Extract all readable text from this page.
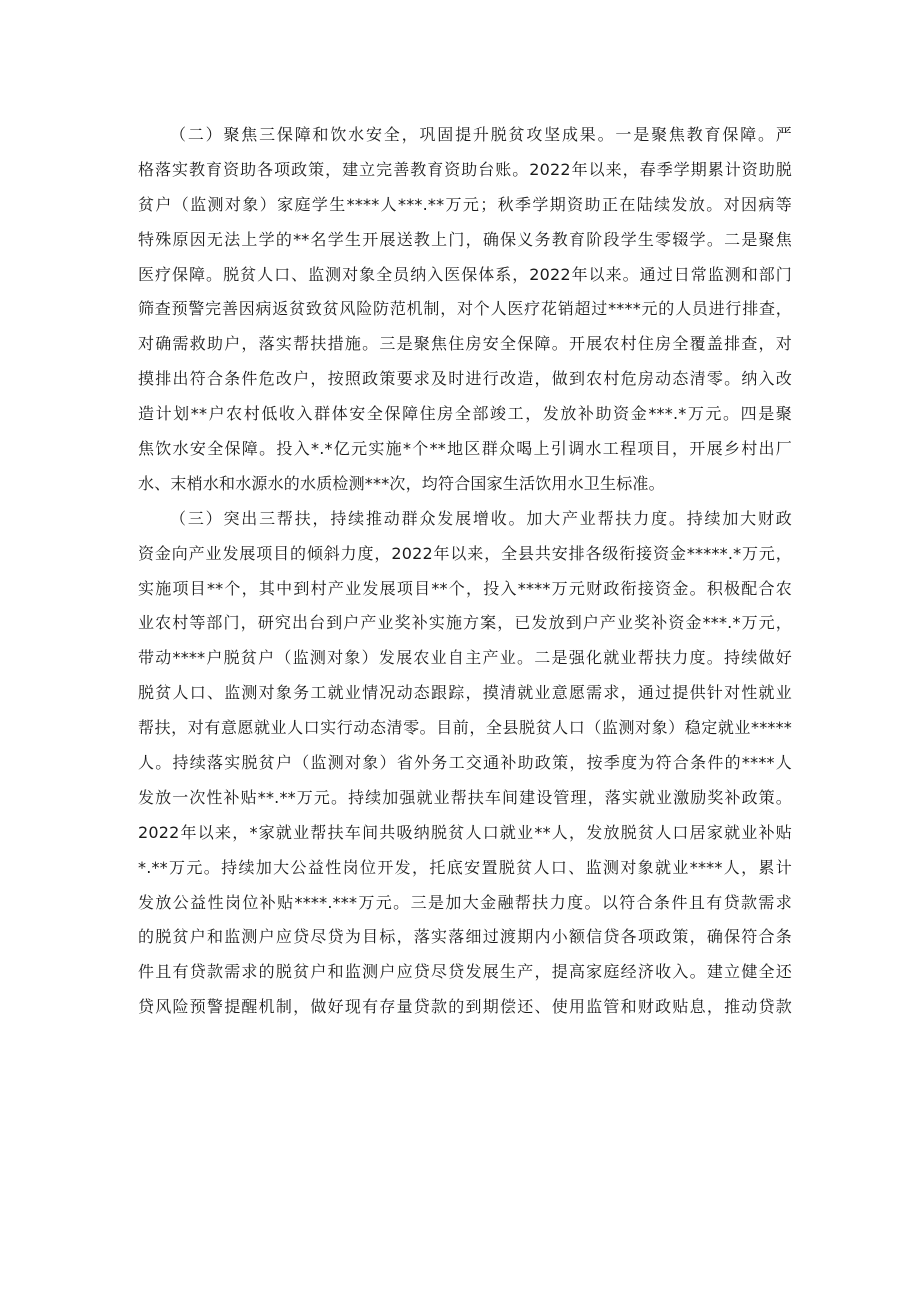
（二）聚焦三保障和饮水安全，巩固提升脱贫攻坚成果。一是聚焦教育保障。严
格落实教育资助各项政策，建立完善教育资助台账。2022年以来，春季学期累计资助脱
贫户（监测对象）家庭学生****人***.**万元；秋季学期资助正在陆续发放。对因病等
特殊原因无法上学的**名学生开展送教上门，确保义务教育阶段学生零辍学。二是聚焦
医疗保障。脱贫人口、监测对象全员纳入医保体系，2022年以来。通过日常监测和部门
筛查预警完善因病返贫致贫风险防范机制，对个人医疗花销超过****元的人员进行排查，
对确需救助户，落实帮扶措施。三是聚焦住房安全保障。开展农村住房全覆盖排查，对
摸排出符合条件危改户，按照政策要求及时进行改造，做到农村危房动态清零。纳入改
造计划**户农村低收入群体安全保障住房全部竣工，发放补助资金***.*万元。四是聚
焦饮水安全保障。投入*.*亿元实施*个**地区群众喝上引调水工程项目，开展乡村出厂
水、末梢水和水源水的水质检测***次，均符合国家生活饮用水卫生标准。
（三）突出三帮扶，持续推动群众发展增收。加大产业帮扶力度。持续加大财政
资金向产业发展项目的倾斜力度，2022年以来，全县共安排各级衔接资金*****.*万元，
实施项目**个，其中到村产业发展项目**个，投入****万元财政衔接资金。积极配合农
业农村等部门，研究出台到户产业奖补实施方案，已发放到户产业奖补资金***.*万元，
带动****户脱贫户（监测对象）发展农业自主产业。二是强化就业帮扶力度。持续做好
脱贫人口、监测对象务工就业情况动态跟踪，摸清就业意愿需求，通过提供针对性就业
帮扶，对有意愿就业人口实行动态清零。目前，全县脱贫人口（监测对象）稳定就业*****
人。持续落实脱贫户（监测对象）省外务工交通补助政策，按季度为符合条件的****人
发放一次性补贴**.**万元。持续加强就业帮扶车间建设管理，落实就业激励奖补政策。
2022年以来，*家就业帮扶车间共吸纳脱贫人口就业**人，发放脱贫人口居家就业补贴
*.**万元。持续加大公益性岗位开发，托底安置脱贫人口、监测对象就业****人，累计
发放公益性岗位补贴****.***万元。三是加大金融帮扶力度。以符合条件且有贷款需求
的脱贫户和监测户应贷尽贷为目标，落实落细过渡期内小额信贷各项政策，确保符合条
件且有贷款需求的脱贫户和监测户应贷尽贷发展生产，提高家庭经济收入。建立健全还
贷风险预警提醒机制，做好现有存量贷款的到期偿还、使用监管和财政贴息，推动贷款
